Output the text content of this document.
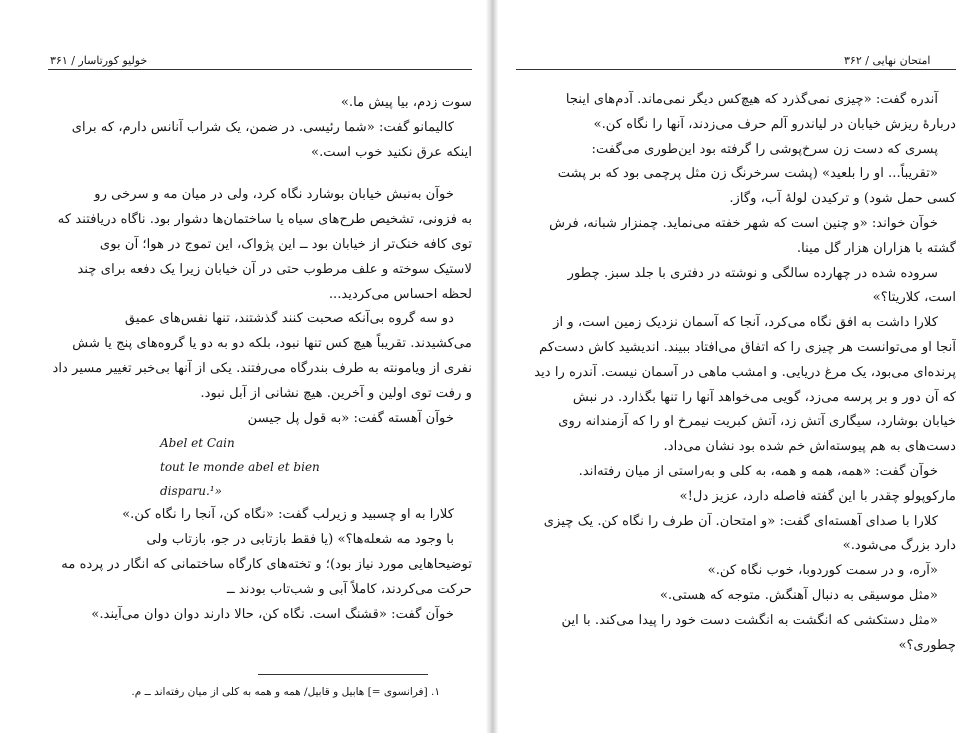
خوليو كورتاسار / ۳۶۱
سوت زدم، بیا پیش ما.»
كاليمانو گفت: «شما رئيسی. در ضمن، یک شراب آنانس دارم، كه برای
اینکه عرق نکنید خوب است.»
خوآن به‌نبش خیابان بوشارد نگاه كرد، ولی در میان مه و سرخی رو
به فزونی، تشخیص طرح‌های سیاه یا ساختمان‌ها دشوار بود. ناگاه دریافتند كه
توی كافه خنک‌تر از خیابان بود ــ این پژواک، این تموج در هوا؛ آن بوی
لاستیک سوخته و علف مرطوب حتی در آن خیابان زیرا یک دفعه برای چند
لحظه احساس می‌كردید...
دو سه گروه بی‌آنكه صحبت كنند گذشتند، تنها نفس‌های عمیق
می‌كشیدند. تقریباً هیچ كس تنها نبود، بلكه دو به دو یا گروه‌های پنج یا شش
نفری از ویامونته به طرف بندرگاه می‌رفتند. یكی از آنها بی‌خبر تغییر مسیر داد
و رفت توی اولین و آخرین. هیچ نشانی از آبل نبود.
خوآن آهسته گفت: «به قول پل جیسن
Abel et Cain
tout le monde abel et bien
disparu.¹»
كلارا به او چسبید و زیرلب گفت: «نگاه كن، آنجا را نگاه كن.»
با وجود مه شعله‌ها؟» (یا فقط بازتابی در جو، بازتاب ولی
توضیحاهایی مورد نیاز بود)؛ و تخته‌های كارگاه ساختمانی كه انگار در پرده‌ مه
حركت می‌كردند، كاملاً آبی و شب‌تاب بودند ــ
خوآن گفت: «قشنگ است. نگاه كن، حالا دارند دوان دوان می‌آیند.»
۱. [فرانسوی =] هابیل و قابیل/ همه و همه به‌ كلی از میان رفته‌اند ــ م.
۳۶۲ / امتحان نهایی
آندره گفت: «چیزی نمی‌گذرد كه هیچ‌كس دیگر نمی‌ماند. آدم‌های اینجا
درباره‌ٔ ریزش خیابان در لیاندرو آلم حرف می‌زدند، آنها را نگاه كن.»
پسری كه دست زن سرخ‌پوشی را گرفته بود این‌طوری می‌گفت:
«تقریباً... او را بلعید» (پشت سرخرنگ زن مثل پرچمی بود كه بر پشت
كسی حمل شود) و تركیدن لوله‌ٔ آب، وگاز.
خوآن خواند: «و چنین است كه شهر خفته می‌نماید. چمنزار شبانه، فرش
گشته با هزاران هزار گل مینا.
سروده شده در چهارده سالگی و نوشته در دفتری با جلد سبز. چطور
است، كلاریتا؟»
كلارا داشت به افق نگاه می‌كرد، آنجا كه آسمان نزدیک زمین است، و از
آنجا او می‌توانست هر چیزی را كه اتفاق می‌افتاد ببیند. اندیشید كاش دست‌كم
پرنده‌ای می‌بود، یک مرغ دریایی. و امشب ماهی در آسمان نیست. آندره را دید
كه آن دور و بر پرسه می‌زد، گویی می‌خواهد آنها را تنها بگذارد. در نبش
خیابان بوشارد، سیگاری آتش زد، آتش كبریت نیمرخ او را كه آزمندانه روی
دست‌های به هم پیوسته‌اش خم شده بود نشان می‌داد.
خوآن گفت: «همه، همه و همه، به‌ كلی و به‌راستی از میان رفته‌اند.
ماركوپولو چقدر با این گفته فاصله دارد، عزیز دل!»
كلارا با صدای آهسته‌ای گفت: «و امتحان. آن طرف را نگاه كن. یک چیزی
دارد بزرگ می‌شود.»
«آره، و در سمت كوردوبا، خوب نگاه كن.»
«مثل موسیقی به دنبال آهنگش. متوجه كه هستی.»
«مثل دستكشی كه انگشت به انگشت دست خود را پیدا می‌كند. با این
چطوری؟»
